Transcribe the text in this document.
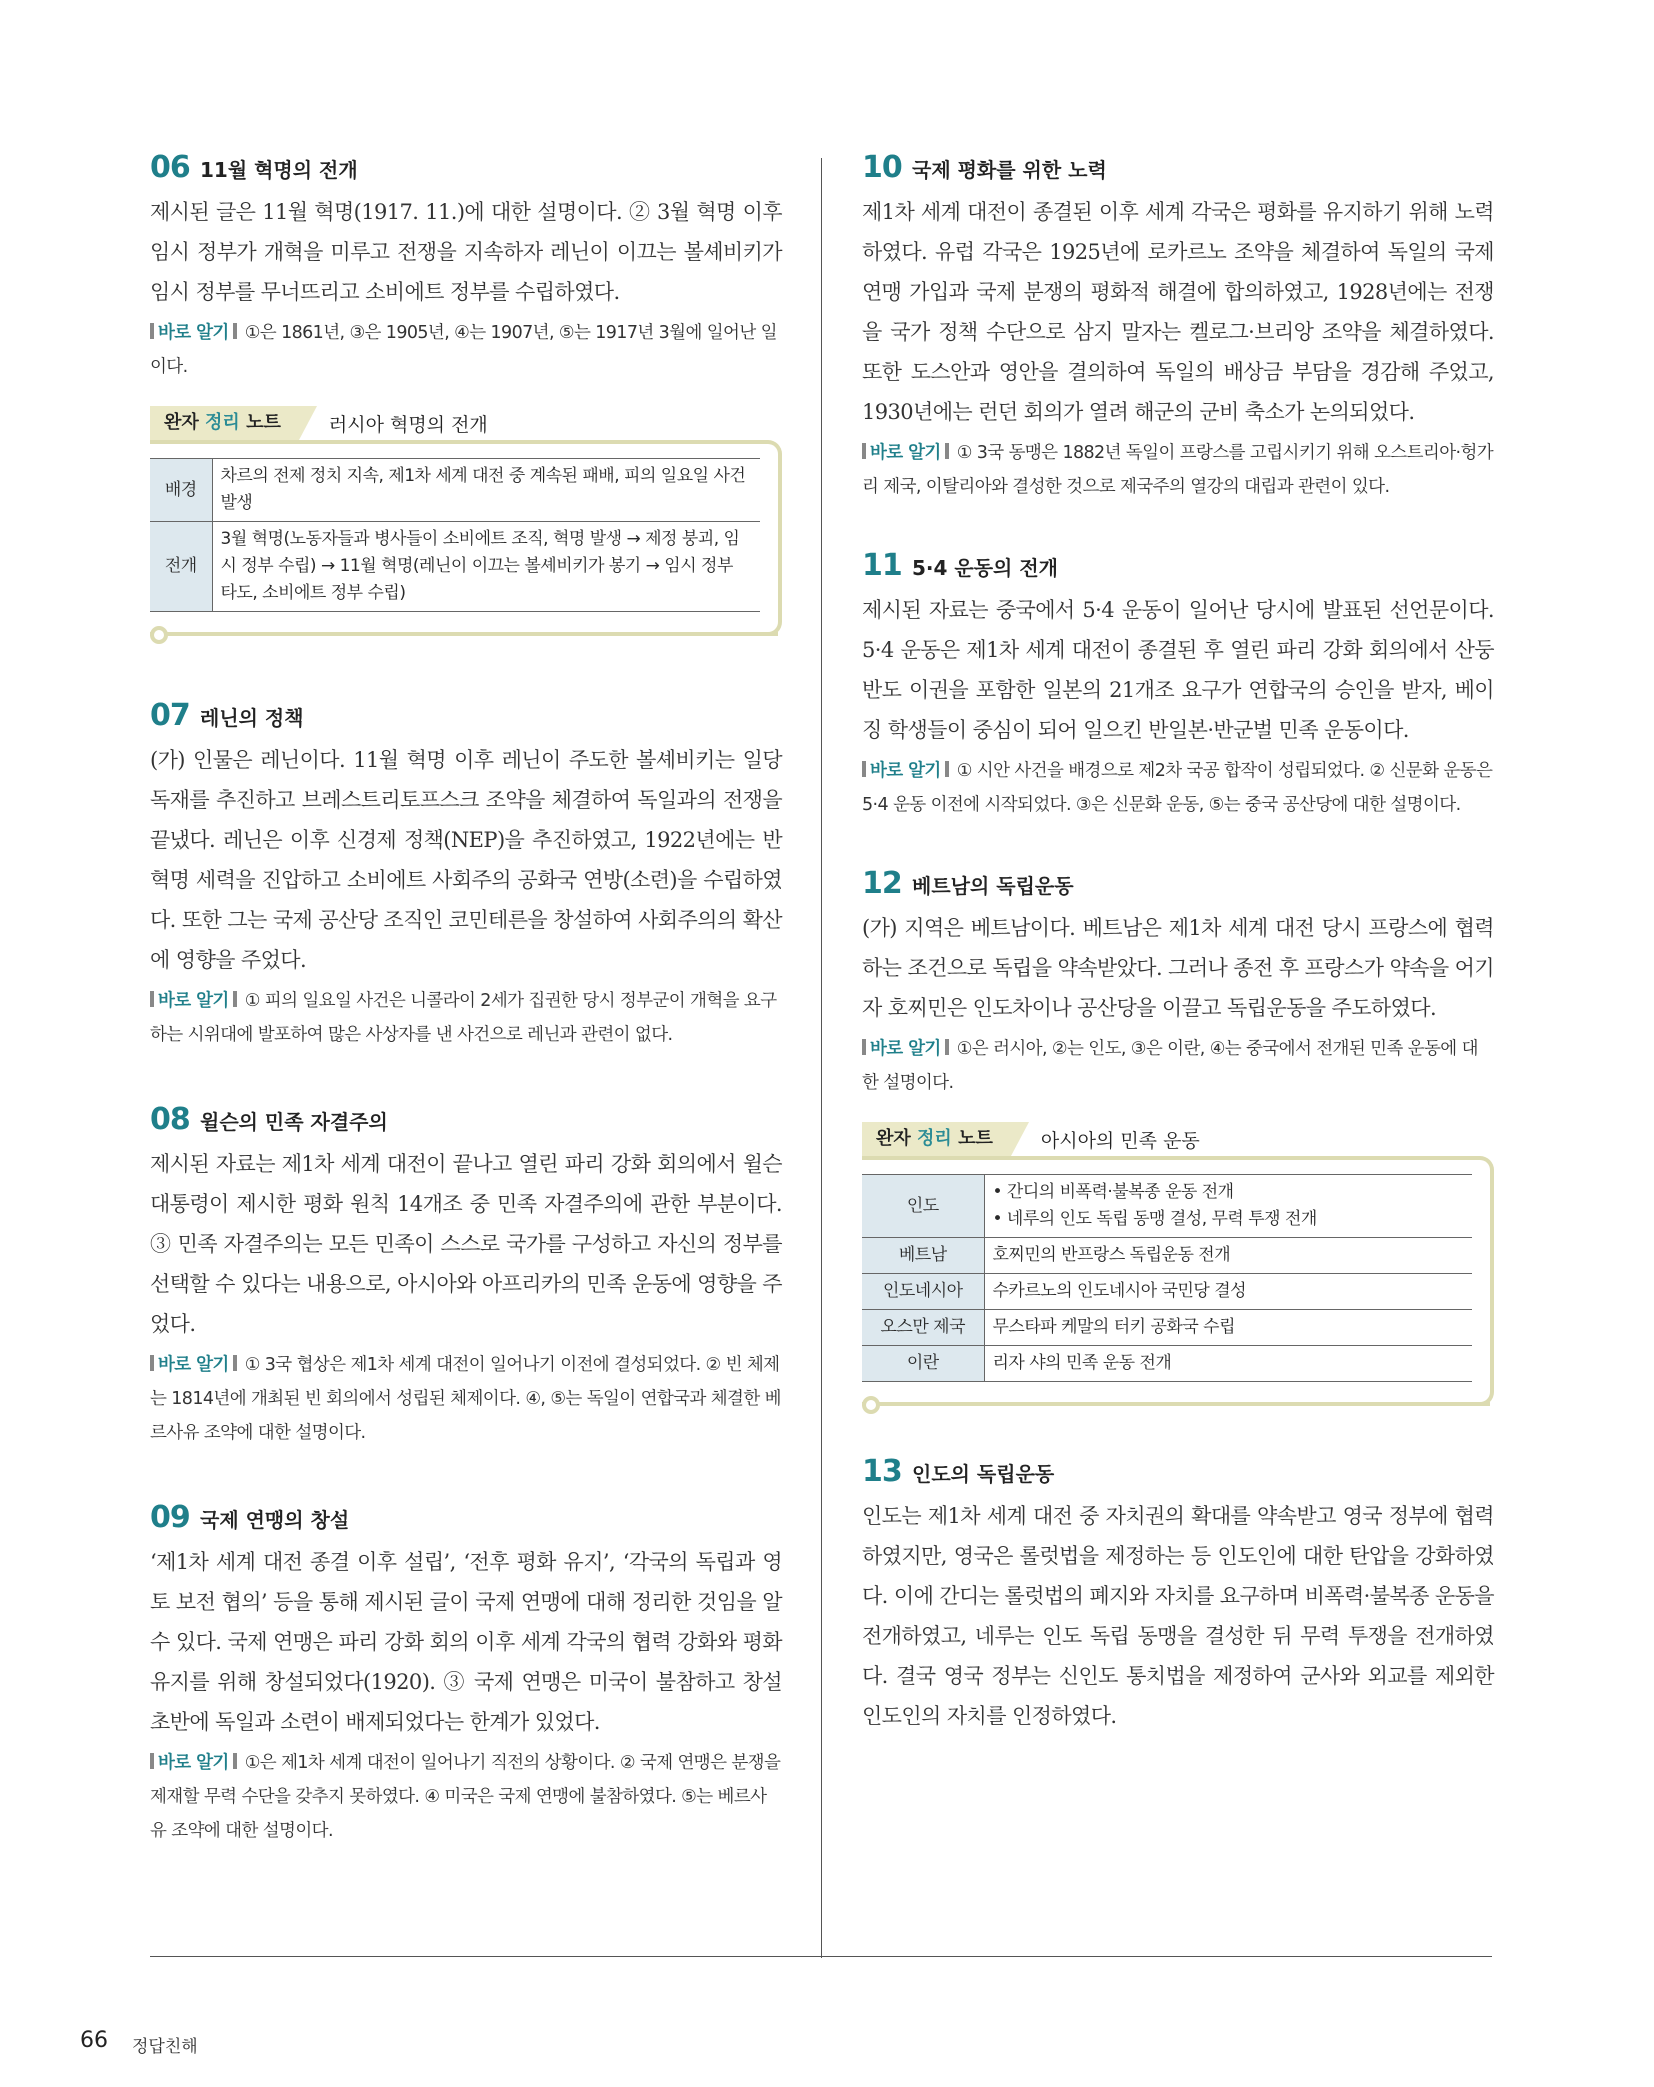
06 11월 혁명의 전개

제시된 글은 11월 혁명(1917. 11.)에 대한 설명이다. ② 3월 혁명 이후 임시 정부가 개혁을 미루고 전쟁을 지속하자 레닌이 이끄는 볼셰비키가 임시 정부를 무너뜨리고 소비에트 정부를 수립하였다.

바로 알기 ①은 1861년, ③은 1905년, ④는 1907년, ⑤는 1917년 3월에 일어난 일이다.

완자 정리 노트	러시아 혁명의 전개
배경	차르의 전제 정치 지속, 제1차 세계 대전 중 계속된 패배, 피의 일요일 사건 발생
전개	3월 혁명(노동자들과 병사들이 소비에트 조직, 혁명 발생 → 제정 붕괴, 임시 정부 수립) → 11월 혁명(레닌이 이끄는 볼셰비키가 봉기 → 임시 정부 타도, 소비에트 정부 수립)
07 레닌의 정책

(가) 인물은 레닌이다. 11월 혁명 이후 레닌이 주도한 볼셰비키는 일당 독재를 추진하고 브레스트리토프스크 조약을 체결하여 독일과의 전쟁을 끝냈다. 레닌은 이후 신경제 정책(NEP)을 추진하였고, 1922년에는 반혁명 세력을 진압하고 소비에트 사회주의 공화국 연방(소련)을 수립하였다. 또한 그는 국제 공산당 조직인 코민테른을 창설하여 사회주의의 확산에 영향을 주었다.

바로 알기 ① 피의 일요일 사건은 니콜라이 2세가 집권한 당시 정부군이 개혁을 요구하는 시위대에 발포하여 많은 사상자를 낸 사건으로 레닌과 관련이 없다.

08 윌슨의 민족 자결주의

제시된 자료는 제1차 세계 대전이 끝나고 열린 파리 강화 회의에서 윌슨 대통령이 제시한 평화 원칙 14개조 중 민족 자결주의에 관한 부분이다. ③ 민족 자결주의는 모든 민족이 스스로 국가를 구성하고 자신의 정부를 선택할 수 있다는 내용으로, 아시아와 아프리카의 민족 운동에 영향을 주었다.

바로 알기 ① 3국 협상은 제1차 세계 대전이 일어나기 이전에 결성되었다. ② 빈 체제는 1814년에 개최된 빈 회의에서 성립된 체제이다. ④, ⑤는 독일이 연합국과 체결한 베르사유 조약에 대한 설명이다.

09 국제 연맹의 창설

‘제1차 세계 대전 종결 이후 설립’, ‘전후 평화 유지’, ‘각국의 독립과 영토 보전 협의’ 등을 통해 제시된 글이 국제 연맹에 대해 정리한 것임을 알 수 있다. 국제 연맹은 파리 강화 회의 이후 세계 각국의 협력 강화와 평화 유지를 위해 창설되었다(1920). ③ 국제 연맹은 미국이 불참하고 창설 초반에 독일과 소련이 배제되었다는 한계가 있었다.

바로 알기 ①은 제1차 세계 대전이 일어나기 직전의 상황이다. ② 국제 연맹은 분쟁을 제재할 무력 수단을 갖추지 못하였다. ④ 미국은 국제 연맹에 불참하였다. ⑤는 베르사유 조약에 대한 설명이다.

10 국제 평화를 위한 노력

제1차 세계 대전이 종결된 이후 세계 각국은 평화를 유지하기 위해 노력하였다. 유럽 각국은 1925년에 로카르노 조약을 체결하여 독일의 국제 연맹 가입과 국제 분쟁의 평화적 해결에 합의하였고, 1928년에는 전쟁을 국가 정책 수단으로 삼지 말자는 켈로그·브리앙 조약을 체결하였다. 또한 도스안과 영안을 결의하여 독일의 배상금 부담을 경감해 주었고, 1930년에는 런던 회의가 열려 해군의 군비 축소가 논의되었다.

바로 알기 ① 3국 동맹은 1882년 독일이 프랑스를 고립시키기 위해 오스트리아·헝가리 제국, 이탈리아와 결성한 것으로 제국주의 열강의 대립과 관련이 있다.

11 5·4 운동의 전개

제시된 자료는 중국에서 5·4 운동이 일어난 당시에 발표된 선언문이다. 5·4 운동은 제1차 세계 대전이 종결된 후 열린 파리 강화 회의에서 산둥반도 이권을 포함한 일본의 21개조 요구가 연합국의 승인을 받자, 베이징 학생들이 중심이 되어 일으킨 반일본·반군벌 민족 운동이다.

바로 알기 ① 시안 사건을 배경으로 제2차 국공 합작이 성립되었다. ② 신문화 운동은 5·4 운동 이전에 시작되었다. ③은 신문화 운동, ⑤는 중국 공산당에 대한 설명이다.

12 베트남의 독립운동

(가) 지역은 베트남이다. 베트남은 제1차 세계 대전 당시 프랑스에 협력하는 조건으로 독립을 약속받았다. 그러나 종전 후 프랑스가 약속을 어기자 호찌민은 인도차이나 공산당을 이끌고 독립운동을 주도하였다.

바로 알기 ①은 러시아, ②는 인도, ③은 이란, ④는 중국에서 전개된 민족 운동에 대한 설명이다.

완자 정리 노트	아시아의 민족 운동
인도	• 간디의 비폭력·불복종 운동 전개
• 네루의 인도 독립 동맹 결성, 무력 투쟁 전개

베트남	호찌민의 반프랑스 독립운동 전개
인도네시아	수카르노의 인도네시아 국민당 결성
오스만 제국	무스타파 케말의 터키 공화국 수립
이란	리자 샤의 민족 운동 전개
13 인도의 독립운동

인도는 제1차 세계 대전 중 자치권의 확대를 약속받고 영국 정부에 협력하였지만, 영국은 롤럿법을 제정하는 등 인도인에 대한 탄압을 강화하였다. 이에 간디는 롤럿법의 폐지와 자치를 요구하며 비폭력·불복종 운동을 전개하였고, 네루는 인도 독립 동맹을 결성한 뒤 무력 투쟁을 전개하였다. 결국 영국 정부는 신인도 통치법을 제정하여 군사와 외교를 제외한 인도인의 자치를 인정하였다.

66 정답친해
